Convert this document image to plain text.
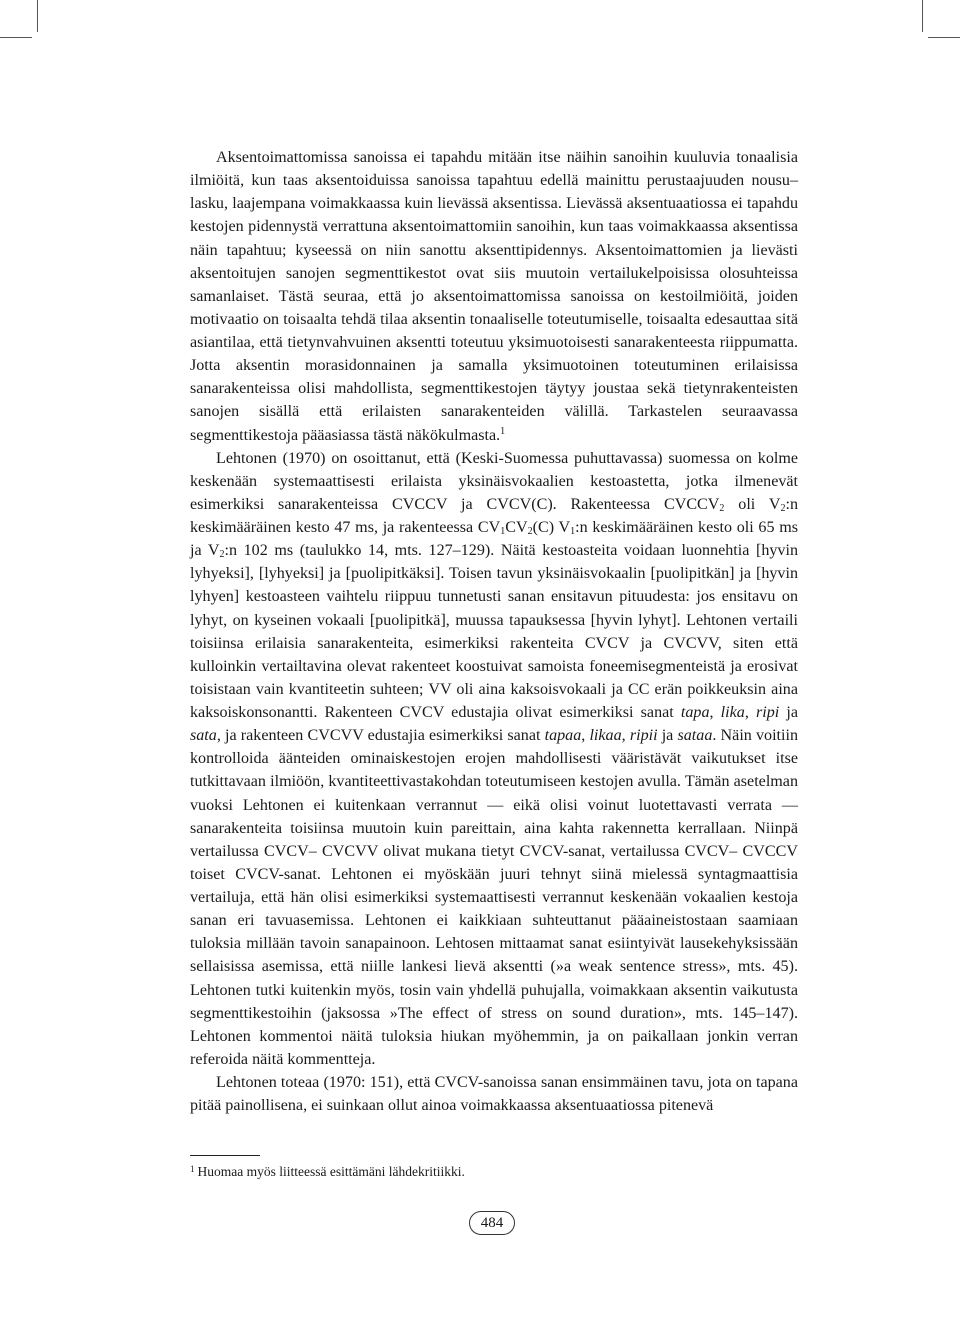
Aksentoimattomissa sanoissa ei tapahdu mitään itse näihin sanoihin kuuluvia tonaalisia ilmiöitä, kun taas aksentoiduissa sanoissa tapahtuu edellä mainittu perustaajuuden nousu–lasku, laajempana voimakkaassa kuin lievässä aksentissa. Lievässä aksentuaatiossa ei tapahdu kestojen pidennystä verrattuna aksentoimattomiin sanoihin, kun taas voimakkaassa aksentissa näin tapahtuu; kyseessä on niin sanottu aksenttipidennys. Aksentoimattomien ja lievästi aksentoitujen sanojen segmenttikestot ovat siis muutoin vertailukelpoisissa olosuhteissa samanlaiset. Tästä seuraa, että jo aksentoimattomissa sanoissa on kestoilmiöitä, joiden motivaatio on toisaalta tehdä tilaa aksentin tonaaliselle toteutumiselle, toisaalta edesauttaa sitä asiantilaa, että tietynvahvuinen aksentti toteutuu yksimuotoisesti sanarakenteesta riippumatta. Jotta aksentin morasidonnainen ja samalla yksimuotoinen toteutuminen erilaisissa sanarakenteissa olisi mahdollista, segmenttikestojen täytyy joustaa sekä tietynrakenteisten sanojen sisällä että erilaisten sanarakenteiden välillä. Tarkastelen seuraavassa segmenttikestoja pääasiassa tästä näkökulmasta.$^1$

Lehtonen (1970) on osoittanut, että (Keski-Suomessa puhuttavassa) suomessa on kolme keskenään systemaattisesti erilaista yksinäisvokaalien kestoastetta, jotka ilmenevät esimerkiksi sanarakenteissa CVCCV ja CVCV(C). Rakenteessa $CVCCV_2$ oli $V_2:n$ keskimääräinen kesto 47 ms, ja rakenteessa $CV_1CV_2(C)$ $V_1:n$ keskimääräinen kesto oli 65 ms ja $V_2:n$ 102 ms (taulukko 14, mts. 127–129). Näitä kestoasteita voidaan luonnehtia [hyvin lyhyeksi], [lyhyeksi] ja [puolipitkäksi]. Toisen tavun yksinäisvokaalin [puolipitkän] ja [hyvin lyhyen] kestoasteen vaihtelu riippuu tunnetusti sanan ensitavun pituudesta: jos ensitavu on lyhyt, on kyseinen vokaali [puolipitkä], muussa tapauksessa [hyvin lyhyt]. Lehtonen vertaili toisiinsa erilaisia sanarakenteita, esimerkiksi rakenteita CVCV ja CVCVV, siten että kulloinkin vertailtavina olevat rakenteet koostuivat samoista foneemisegmenteistä ja erosivat toisistaan vain kvantiteetin suhteen; VV oli aina kaksoisvokaali ja CC erän poikkeuksin aina kaksoiskonsonantti. Rakenteen CVCV edustajia olivat esimerkiksi sanat tapa, lika, ripi ja sata, ja rakenteen CVCVV edustajia esimerkiksi sanat tapaa, likaa, ripii ja sataa. Näin voitiin kontrolloida äänteiden ominaiskestojen erojen mahdollisesti vääristävät vaikutukset itse tutkittavaan ilmiöön, kvantiteettivastakohdan toteutumiseen kestojen avulla. Tämän asetelman vuoksi Lehtonen ei kuitenkaan verrannut — eikä olisi voinut luotettavasti verrata — sanarakenteita toisiinsa muutoin kuin pareittain, aina kahta rakennetta kerrallaan. Niinpä vertailussa CVCV– CVCVV olivat mukana tietyt CVCV-sanat, vertailussa CVCV– CVCCV toiset CVCV-sanat. Lehtonen ei myöskään juuri tehnyt siinä mielessä syntagmaattisia vertailuja, että hän olisi esimerkiksi systemaattisesti verrannut keskenään vokaalien kestoja sanan eri tavuasemissa. Lehtonen ei kaikkiaan suhteuttanut pääaineistostaan saamiaan tuloksia millään tavoin sanapainoon. Lehtosen mittaamat sanat esiintyivät lausekehyksissään sellaisissa asemissa, että niille lankesi lievä aksentti (»a weak sentence stress», mts. 45). Lehtonen tutki kuitenkin myös, tosin vain yhdellä puhujalla, voimakkaan aksentin vaikutusta segmenttikestoihin (jaksossa »The effect of stress on sound duration», mts. 145–147). Lehtonen kommentoi näitä tuloksia hiukan myöhemmin, ja on paikallaan jonkin verran referoida näitä kommentteja.

Lehtonen toteaa (1970: 151), että CVCV-sanoissa sanan ensimmäinen tavu, jota on tapana pitää painollisena, ei suinkaan ollut ainoa voimakkaassa aksentuaatiossa pitenevä

$^1$ Huomaa myös liitteessä esittämäni lähdekritiikki.
484
